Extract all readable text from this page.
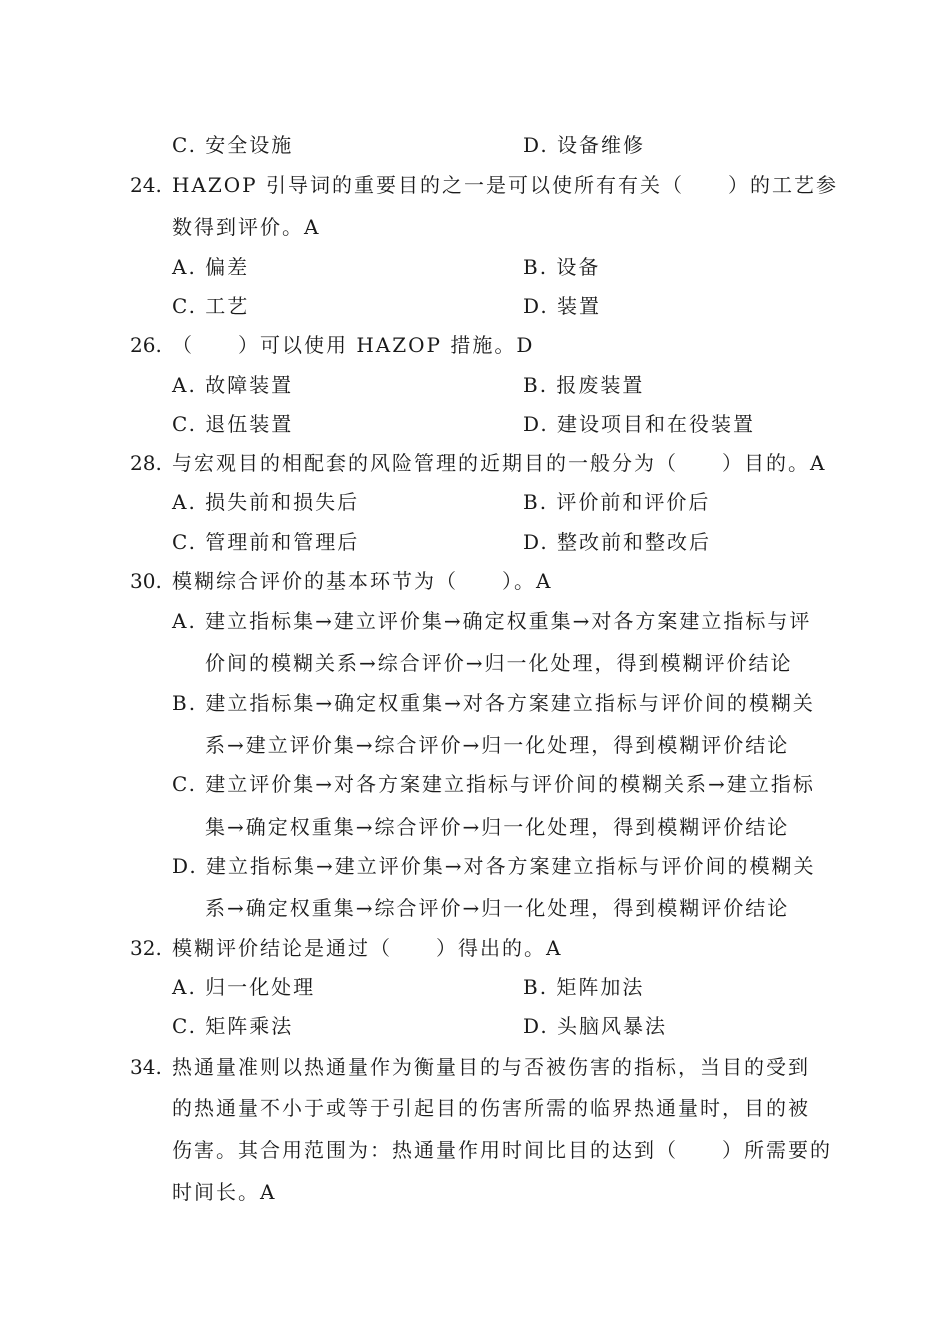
C. 安全设施	D. 设备维修
24. HAZOP 引导词的重要目的之一是可以使所有有关（　　）的工艺参
数得到评价。A
A. 偏差	B. 设备
C. 工艺	D. 装置
26. （　　）可以使用 HAZOP 措施。D
A. 故障装置	B. 报废装置
C. 退伍装置	D. 建设项目和在役装置
28. 与宏观目的相配套的风险管理的近期目的一般分为（　　）目的。A
A. 损失前和损失后	B. 评价前和评价后
C. 管理前和管理后	D. 整改前和整改后
30. 模糊综合评价的基本环节为（　　）。A
A. 建立指标集→建立评价集→确定权重集→对各方案建立指标与评
价间的模糊关系→综合评价→归一化处理，得到模糊评价结论
B. 建立指标集→确定权重集→对各方案建立指标与评价间的模糊关
系→建立评价集→综合评价→归一化处理，得到模糊评价结论
C. 建立评价集→对各方案建立指标与评价间的模糊关系→建立指标
集→确定权重集→综合评价→归一化处理，得到模糊评价结论
D. 建立指标集→建立评价集→对各方案建立指标与评价间的模糊关
系→确定权重集→综合评价→归一化处理，得到模糊评价结论
32. 模糊评价结论是通过（　　）得出的。A
A. 归一化处理	B. 矩阵加法
C. 矩阵乘法	D. 头脑风暴法
34. 热通量准则以热通量作为衡量目的与否被伤害的指标，当目的受到
的热通量不小于或等于引起目的伤害所需的临界热通量时，目的被
伤害。其合用范围为：热通量作用时间比目的达到（　　）所需要的
时间长。A
